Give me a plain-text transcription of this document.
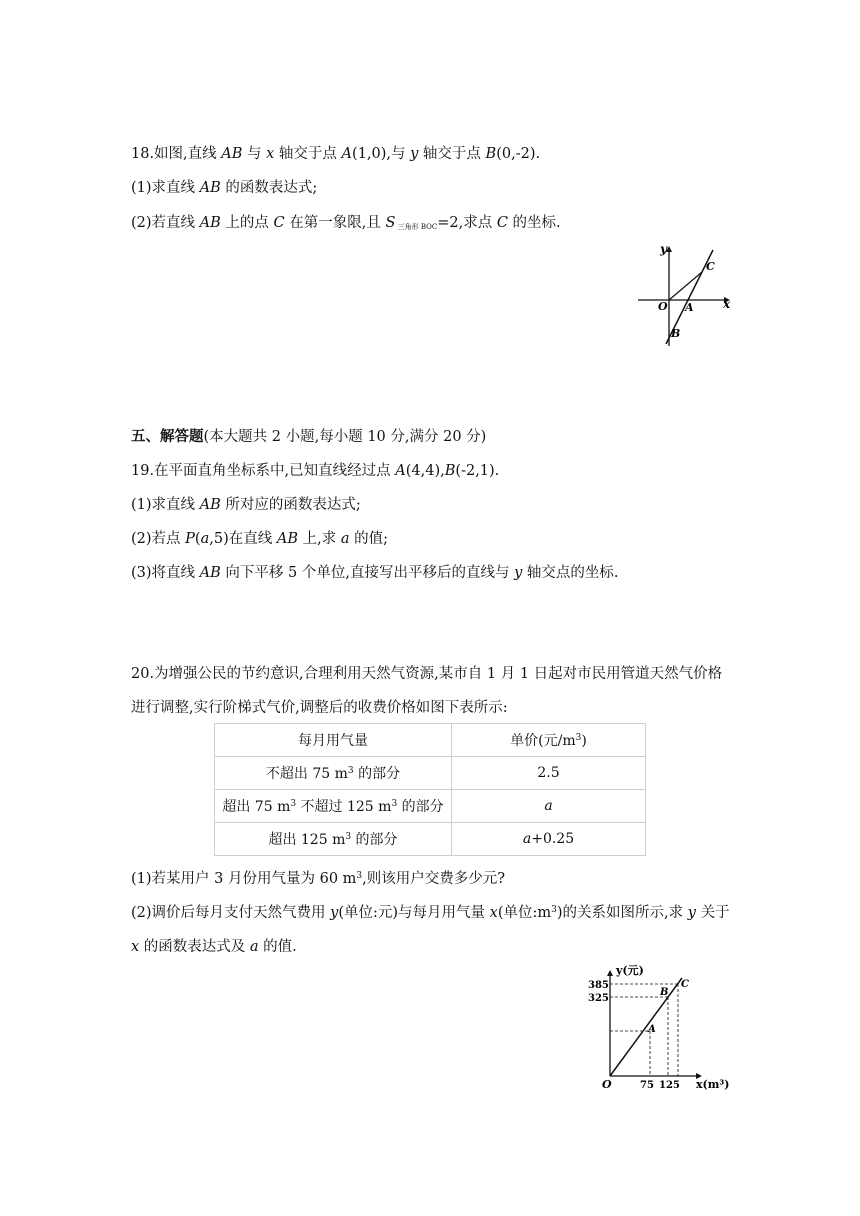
18.如图,直线 AB 与 x 轴交于点 A(1,0),与 y 轴交于点 B(0,-2).
(1)求直线 AB 的函数表达式;
(2)若直线 AB 上的点 C 在第一象限,且 S $_{三角形 BOC}$=2,求点 C 的坐标.
y
x
O A
B
C
五、解答题(本大题共 2 小题,每小题 10 分,满分 20 分)
19.在平面直角坐标系中,已知直线经过点 A(4,4),B(-2,1).
(1)求直线 AB 所对应的函数表达式;
(2)若点 P(a,5)在直线 AB 上,求 a 的值;
(3)将直线 AB 向下平移 5 个单位,直接写出平移后的直线与 y 轴交点的坐标.
20.为增强公民的节约意识,合理利用天然气资源,某市自 1 月 1 日起对市民用管道天然气价格
进行调整,实行阶梯式气价,调整后的收费价格如图下表所示:
每月用气量	单价(元$/m^3$)
不超出 75 $m^3$ 的部分	2.5
超出 75 $m^3$ 不超过 125 $m^3$ 的部分	a
超出 125 $m^3$ 的部分	a+0.25
(1)若某用户 3 月份用气量为 60 $m^3$,则该用户交费多少元?
(2)调价后每月支付天然气费用 y(单位:元)与每月用气量 x(单位$:m^3$)的关系如图所示,求 y 关于
x 的函数表达式及 a 的值.
y(元)
x(m³)
O
385
325
75 125
A
B
C
